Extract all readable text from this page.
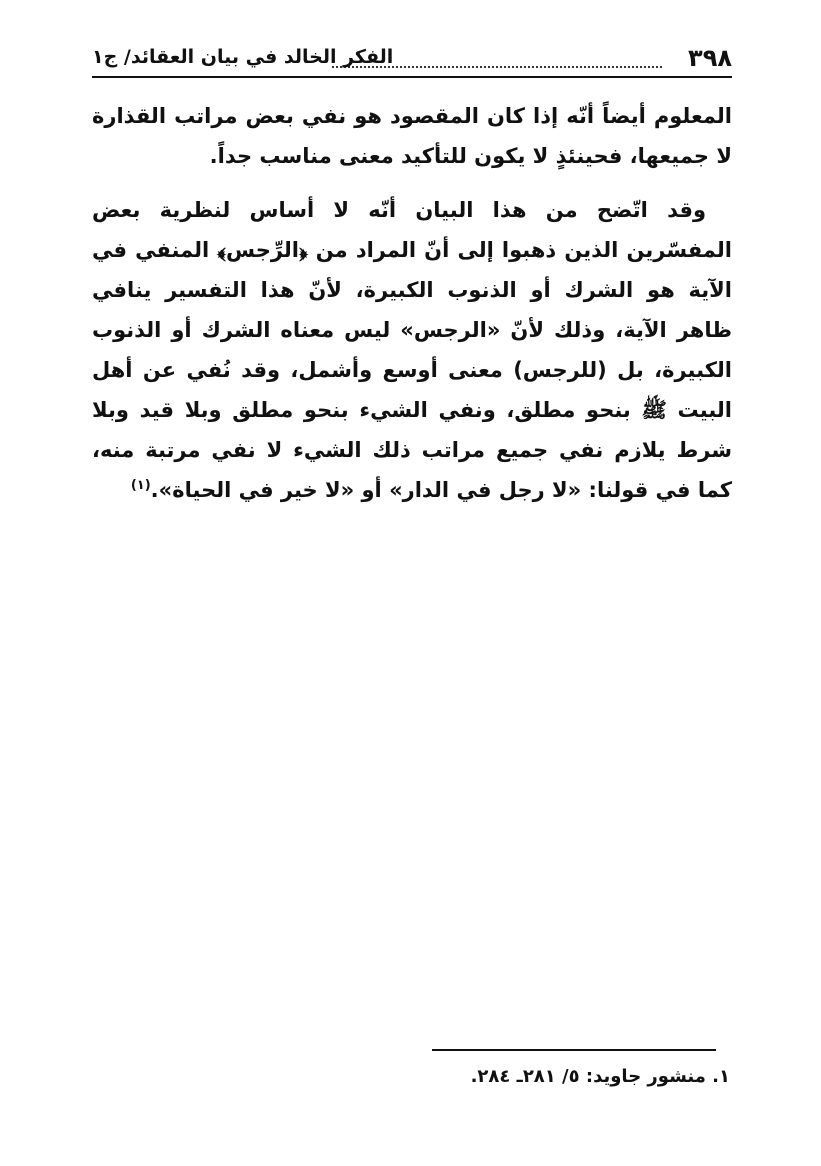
٣٩٨
الفكر الخالد في بيان العقائد/ ج١

المعلوم أيضاً أنّه إذا كان المقصود هو نفي بعض مراتب القذارة لا جميعها، فحينئذٍ لا يكون للتأكيد معنى مناسب جداً.

وقد اتّضح من هذا البيان أنّه لا أساس لنظرية بعض المفسّرين الذين ذهبوا إلى أنّ المراد من ﴿الرِّجس﴾ المنفي في الآية هو الشرك أو الذنوب الكبيرة، لأنّ هذا التفسير ينافي ظاهر الآية، وذلك لأنّ «الرجس» ليس معناه الشرك أو الذنوب الكبيرة، بل (للرجس) معنى أوسع وأشمل، وقد نُفي عن أهل البيت ﷺ بنحو مطلق، ونفي الشيء بنحو مطلق وبلا قيد وبلا شرط يلازم نفي جميع مراتب ذلك الشيء لا نفي مرتبة منه، كما في قولنا: «لا رجل في الدار» أو «لا خير في الحياة».$^{(١)}$

١. منشور جاويد: ٥/ ٢٨١ـ ٢٨٤.
